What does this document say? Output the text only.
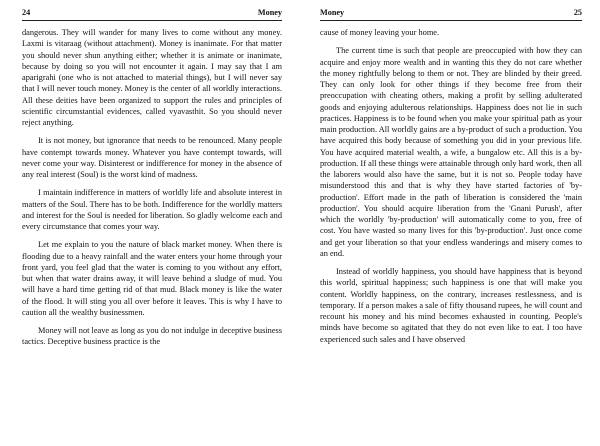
24	Money

dangerous. They will wander for many lives to come without any money. Laxmi is vitaraag (without attachment). Money is inanimate. For that matter you should never shun anything either; whether it is animate or inanimate, because by doing so you will not encounter it again. I may say that I am aparigrahi (one who is not attached to material things), but I will never say that I will never touch money. Money is the center of all worldly interactions. All these deities have been organized to support the rules and principles of scientific circumstantial evidences, called vyavasthit. So you should never reject anything.

It is not money, but ignorance that needs to be renounced. Many people have contempt towards money. Whatever you have contempt towards, will never come your way. Disinterest or indifference for money in the absence of any real interest (Soul) is the worst kind of madness.

I maintain indifference in matters of worldly life and absolute interest in matters of the Soul. There has to be both. Indifference for the worldly matters and interest for the Soul is needed for liberation. So gladly welcome each and every circumstance that comes your way.

Let me explain to you the nature of black market money. When there is flooding due to a heavy rainfall and the water enters your home through your front yard, you feel glad that the water is coming to you without any effort, but when that water drains away, it will leave behind a sludge of mud. You will have a hard time getting rid of that mud. Black money is like the water of the flood. It will sting you all over before it leaves. This is why I have to caution all the wealthy businessmen.

Money will not leave as long as you do not indulge in deceptive business tactics. Deceptive business practice is the

Money	25

cause of money leaving your home.

The current time is such that people are preoccupied with how they can acquire and enjoy more wealth and in wanting this they do not care whether the money rightfully belong to them or not. They are blinded by their greed. They can only look for other things if they become free from their preoccupation with cheating others, making a profit by selling adulterated goods and enjoying adulterous relationships. Happiness does not lie in such practices. Happiness is to be found when you make your spiritual path as your main production. All worldly gains are a by-product of such a production. You have acquired this body because of something you did in your previous life. You have acquired material wealth, a wife, a bungalow etc. All this is a by-production. If all these things were attainable through only hard work, then all the laborers would also have the same, but it is not so. People today have misunderstood this and that is why they have started factories of 'by-production'. Effort made in the path of liberation is considered the 'main production'. You should acquire liberation from the 'Gnani Purush', after which the worldly 'by-production' will automatically come to you, free of cost. You have wasted so many lives for this 'by-production'. Just once come and get your liberation so that your endless wanderings and misery comes to an end.

Instead of worldly happiness, you should have happiness that is beyond this world, spiritual happiness; such happiness is one that will make you content. Worldly happiness, on the contrary, increases restlessness, and is temporary. If a person makes a sale of fifty thousand rupees, he will count and recount his money and his mind becomes exhausted in counting. People's minds have become so agitated that they do not even like to eat. I too have experienced such sales and I have observed
